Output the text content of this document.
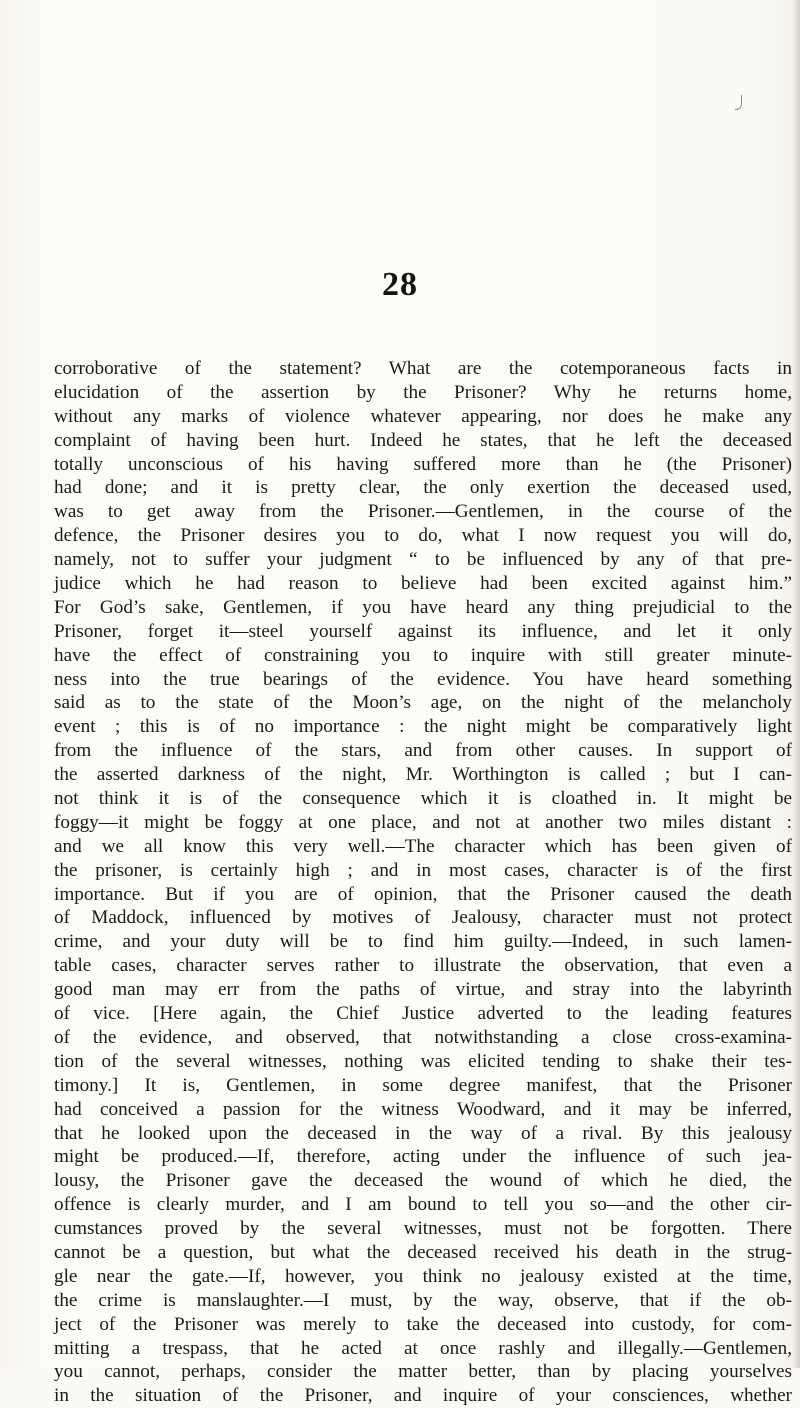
28
corroborative of the statement? What are the cotemporaneous facts in
elucidation of the assertion by the Prisoner? Why he returns home,
without any marks of violence whatever appearing, nor does he make any
complaint of having been hurt. Indeed he states, that he left the deceased
totally unconscious of his having suffered more than he (the Prisoner)
had done; and it is pretty clear, the only exertion the deceased used,
was to get away from the Prisoner.—Gentlemen, in the course of the
defence, the Prisoner desires you to do, what I now request you will do,
namely, not to suffer your judgment “ to be influenced by any of that pre-
judice which he had reason to believe had been excited against him.”
For God’s sake, Gentlemen, if you have heard any thing prejudicial to the
Prisoner, forget it—steel yourself against its influence, and let it only
have the effect of constraining you to inquire with still greater minute-
ness into the true bearings of the evidence. You have heard something
said as to the state of the Moon’s age, on the night of the melancholy
event ; this is of no importance : the night might be comparatively light
from the influence of the stars, and from other causes. In support of
the asserted darkness of the night, Mr. Worthington is called ; but I can-
not think it is of the consequence which it is cloathed in. It might be
foggy—it might be foggy at one place, and not at another two miles distant :
and we all know this very well.—The character which has been given of
the prisoner, is certainly high ; and in most cases, character is of the first
importance. But if you are of opinion, that the Prisoner caused the death
of Maddock, influenced by motives of Jealousy, character must not protect
crime, and your duty will be to find him guilty.—Indeed, in such lamen-
table cases, character serves rather to illustrate the observation, that even a
good man may err from the paths of virtue, and stray into the labyrinth
of vice. [Here again, the Chief Justice adverted to the leading features
of the evidence, and observed, that notwithstanding a close cross-examina-
tion of the several witnesses, nothing was elicited tending to shake their tes-
timony.] It is, Gentlemen, in some degree manifest, that the Prisoner
had conceived a passion for the witness Woodward, and it may be inferred,
that he looked upon the deceased in the way of a rival. By this jealousy
might be produced.—If, therefore, acting under the influence of such jea-
lousy, the Prisoner gave the deceased the wound of which he died, the
offence is clearly murder, and I am bound to tell you so—and the other cir-
cumstances proved by the several witnesses, must not be forgotten. There
cannot be a question, but what the deceased received his death in the strug-
gle near the gate.—If, however, you think no jealousy existed at the time,
the crime is manslaughter.—I must, by the way, observe, that if the ob-
ject of the Prisoner was merely to take the deceased into custody, for com-
mitting a trespass, that he acted at once rashly and illegally.—Gentlemen,
you cannot, perhaps, consider the matter better, than by placing yourselves
in the situation of the Prisoner, and inquire of your consciences, whether
